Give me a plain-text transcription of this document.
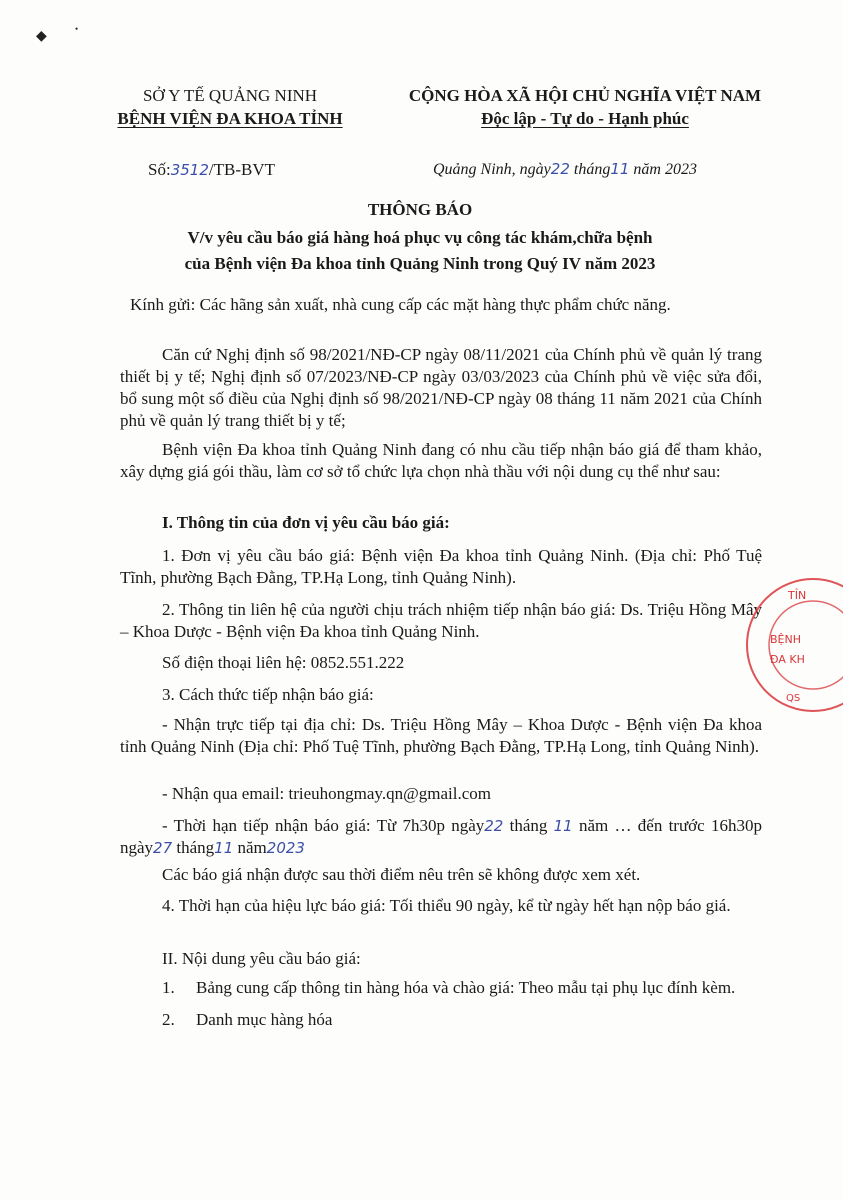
◆	•
SỞ Y TẾ QUẢNG NINH
BỆNH VIỆN ĐA KHOA TỈNH
CỘNG HÒA XÃ HỘI CHỦ NGHĨA VIỆT NAM
Độc lập - Tự do - Hạnh phúc
Số:3512/TB-BVT	Quảng Ninh, ngày22 tháng11 năm 2023
THÔNG BÁO
V/v yêu cầu báo giá hàng hoá phục vụ công tác khám,chữa bệnh
của Bệnh viện Đa khoa tỉnh Quảng Ninh trong Quý IV năm 2023
Kính gửi: Các hãng sản xuất, nhà cung cấp các mặt hàng thực phẩm chức năng.
Căn cứ Nghị định số 98/2021/NĐ-CP ngày 08/11/2021 của Chính phủ về quản lý trang thiết bị y tế; Nghị định số 07/2023/NĐ-CP ngày 03/03/2023 của Chính phủ về việc sửa đổi, bổ sung một số điều của Nghị định số 98/2021/NĐ-CP ngày 08 tháng 11 năm 2021 của Chính phủ về quản lý trang thiết bị y tế;
Bệnh viện Đa khoa tỉnh Quảng Ninh đang có nhu cầu tiếp nhận báo giá để tham khảo, xây dựng giá gói thầu, làm cơ sở tổ chức lựa chọn nhà thầu với nội dung cụ thể như sau:
I. Thông tin của đơn vị yêu cầu báo giá:
1. Đơn vị yêu cầu báo giá: Bệnh viện Đa khoa tỉnh Quảng Ninh. (Địa chỉ: Phố Tuệ Tĩnh, phường Bạch Đằng, TP.Hạ Long, tỉnh Quảng Ninh).
2. Thông tin liên hệ của người chịu trách nhiệm tiếp nhận báo giá: Ds. Triệu Hồng Mây – Khoa Dược - Bệnh viện Đa khoa tỉnh Quảng Ninh.
Số điện thoại liên hệ: 0852.551.222
3. Cách thức tiếp nhận báo giá:
- Nhận trực tiếp tại địa chỉ: Ds. Triệu Hồng Mây – Khoa Dược - Bệnh viện Đa khoa tỉnh Quảng Ninh (Địa chỉ: Phố Tuệ Tĩnh, phường Bạch Đằng, TP.Hạ Long, tỉnh Quảng Ninh).
- Nhận qua email: trieuhongmay.qn@gmail.com
- Thời hạn tiếp nhận báo giá: Từ 7h30p ngày22 tháng 11 năm … đến trước 16h30p ngày27 tháng11 năm2023
Các báo giá nhận được sau thời điểm nêu trên sẽ không được xem xét.
4. Thời hạn của hiệu lực báo giá: Tối thiểu 90 ngày, kể từ ngày hết hạn nộp báo giá.
II. Nội dung yêu cầu báo giá:
1.	Bảng cung cấp thông tin hàng hóa và chào giá: Theo mẫu tại phụ lục đính kèm.
2.	Danh mục hàng hóa
TỈN
BỆNH
ĐA KH
QS
